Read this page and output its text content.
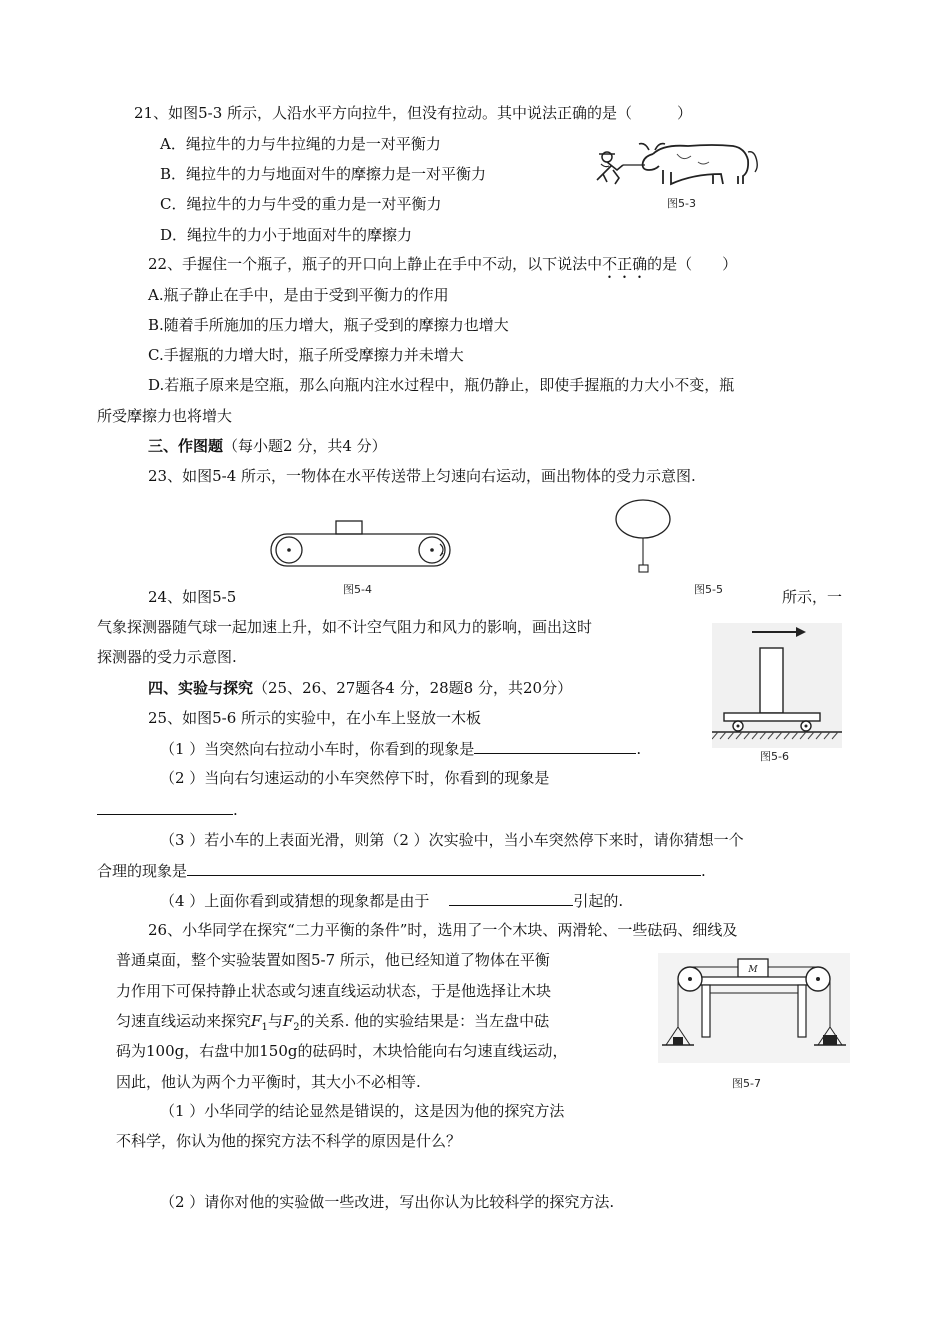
21、如图5-3 所示，人沿水平方向拉牛，但没有拉动。其中说法正确的是（　　　）
A．绳拉牛的力与牛拉绳的力是一对平衡力
B．绳拉牛的力与地面对牛的摩擦力是一对平衡力
C．绳拉牛的力与牛受的重力是一对平衡力
D．绳拉牛的力小于地面对牛的摩擦力
图5-3
22、手握住一个瓶子，瓶子的开口向上静止在手中不动，以下说法中不正确的是（　　）
A.瓶子静止在手中，是由于受到平衡力的作用
B.随着手所施加的压力增大，瓶子受到的摩擦力也增大
C.手握瓶的力增大时，瓶子所受摩擦力并未增大
D.若瓶子原来是空瓶，那么向瓶内注水过程中，瓶仍静止，即使手握瓶的力大小不变，瓶
所受摩擦力也将增大
三、作图题（每小题2 分，共4 分）
23、如图5-4 所示，一物体在水平传送带上匀速向右运动，画出物体的受力示意图.
图5-4	图5-5
24、如图5-5	所示，一
气象探测器随气球一起加速上升，如不计空气阻力和风力的影响，画出这时
探测器的受力示意图.
图5-6
四、实验与探究（25、26、27题各4 分，28题8 分，共20分）
25、如图5-6 所示的实验中，在小车上竖放一木板
（1 ）当突然向右拉动小车时，你看到的现象是	.
（2 ）当向右匀速运动的小车突然停下时，你看到的现象是
.
（3 ）若小车的上表面光滑，则第（2 ）次实验中，当小车突然停下来时，请你猜想一个
合理的现象是	.
（4 ）上面你看到或猜想的现象都是由于	引起的.
26、小华同学在探究“二力平衡的条件”时，选用了一个木块、两滑轮、一些砝码、细线及
普通桌面，整个实验装置如图5-7 所示，他已经知道了物体在平衡
力作用下可保持静止状态或匀速直线运动状态，于是他选择让木块
匀速直线运动来探究$F_1$与$F_2$的关系. 他的实验结果是：当左盘中砝
码为100g，右盘中加150g的砝码时，木块恰能向右匀速直线运动，
因此，他认为两个力平衡时，其大小不必相等.
M
图5-7
（1 ）小华同学的结论显然是错误的，这是因为他的探究方法
不科学，你认为他的探究方法不科学的原因是什么？
（2 ）请你对他的实验做一些改进，写出你认为比较科学的探究方法.
